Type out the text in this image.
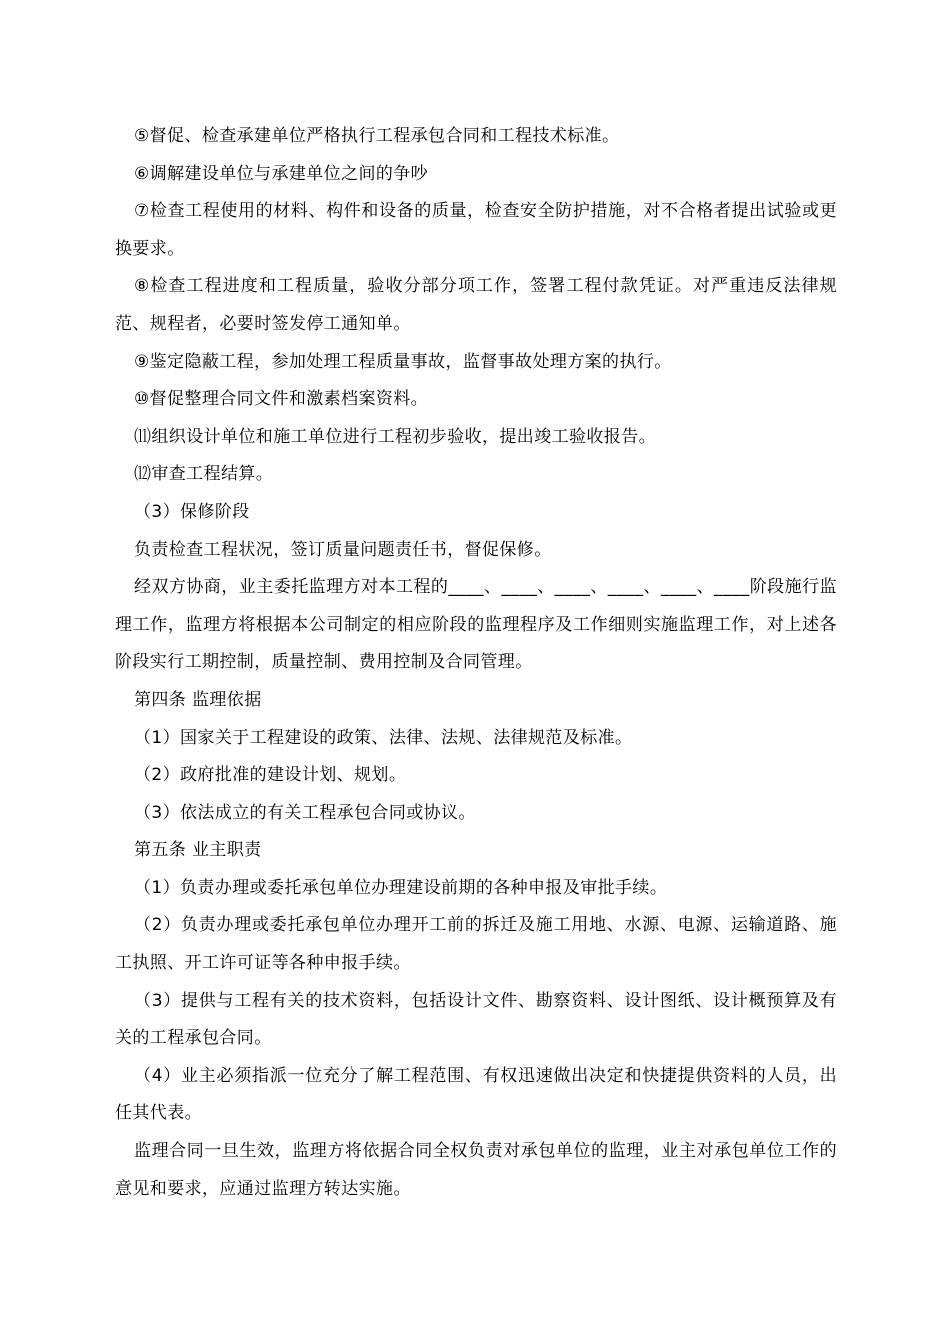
⑤督促、检查承建单位严格执行工程承包合同和工程技术标准。

⑥调解建设单位与承建单位之间的争吵

⑦检查工程使用的材料、构件和设备的质量，检查安全防护措施，对不合格者提出试验或更换要求。

⑧检查工程进度和工程质量，验收分部分项工作，签署工程付款凭证。对严重违反法律规范、规程者，必要时签发停工通知单。

⑨鉴定隐蔽工程，参加处理工程质量事故，监督事故处理方案的执行。

⑩督促整理合同文件和激素档案资料。

⑾组织设计单位和施工单位进行工程初步验收，提出竣工验收报告。

⑿审查工程结算。

（3）保修阶段

负责检查工程状况，签订质量问题责任书，督促保修。

经双方协商，业主委托监理方对本工程的____、____、____、____、____、____阶段施行监理工作，监理方将根据本公司制定的相应阶段的监理程序及工作细则实施监理工作，对上述各阶段实行工期控制，质量控制、费用控制及合同管理。

第四条 监理依据

（1）国家关于工程建设的政策、法律、法规、法律规范及标准。

（2）政府批准的建设计划、规划。

（3）依法成立的有关工程承包合同或协议。

第五条 业主职责

（1）负责办理或委托承包单位办理建设前期的各种申报及审批手续。

（2）负责办理或委托承包单位办理开工前的拆迁及施工用地、水源、电源、运输道路、施工执照、开工许可证等各种申报手续。

（3）提供与工程有关的技术资料，包括设计文件、勘察资料、设计图纸、设计概预算及有关的工程承包合同。

（4）业主必须指派一位充分了解工程范围、有权迅速做出决定和快捷提供资料的人员，出任其代表。

监理合同一旦生效，监理方将依据合同全权负责对承包单位的监理，业主对承包单位工作的意见和要求，应通过监理方转达实施。
